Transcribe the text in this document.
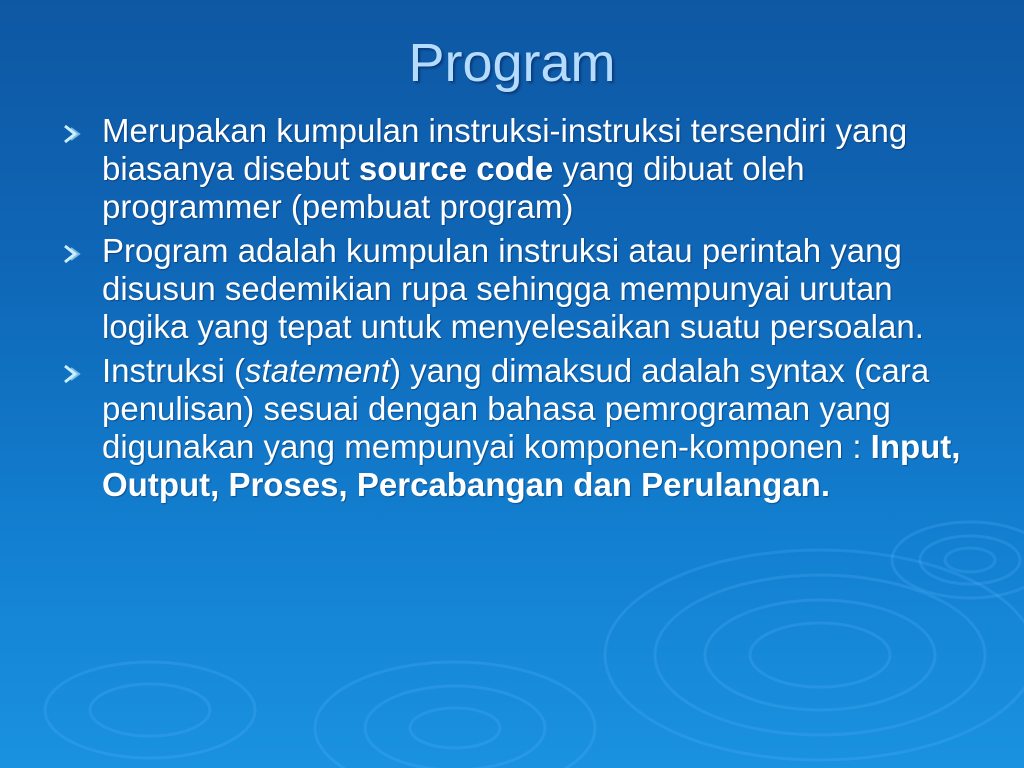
Program
Merupakan kumpulan instruksi-instruksi tersendiri yang biasanya disebut source code yang dibuat oleh programmer (pembuat program)
Program adalah kumpulan instruksi atau perintah yang disusun sedemikian rupa sehingga mempunyai urutan logika yang tepat untuk menyelesaikan suatu persoalan.
Instruksi (statement) yang dimaksud adalah syntax (cara penulisan) sesuai dengan bahasa pemrograman yang digunakan yang mempunyai komponen-komponen : Input, Output, Proses, Percabangan dan Perulangan.
